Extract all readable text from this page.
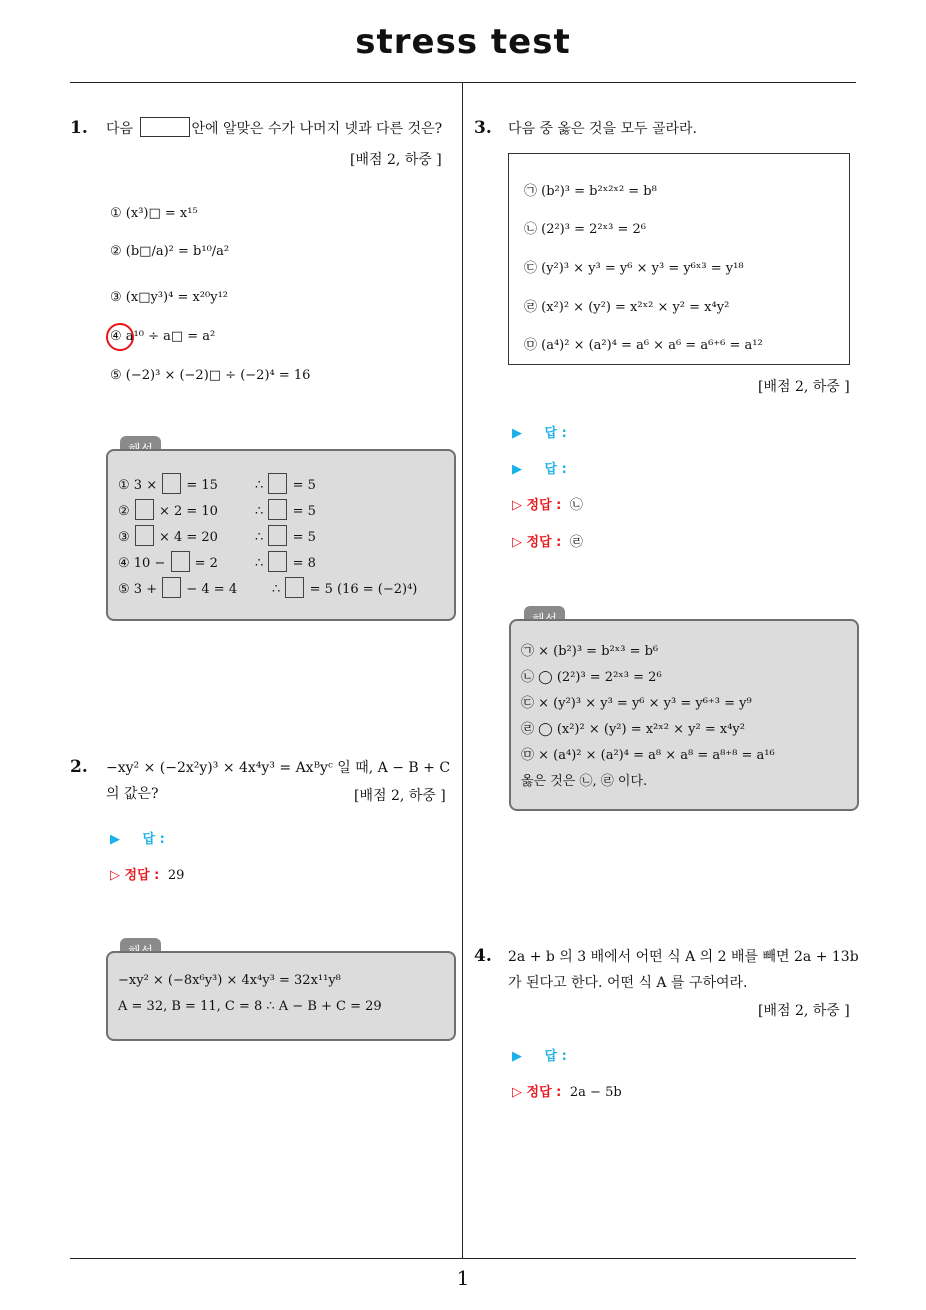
stress test
1
1. 다음	안에 알맞은 수가 나머지 넷과 다른 것은?
[배점 2, 하중 ]
① (x³)□ = x¹⁵
② (b□/a)² = b¹⁰/a²
③ (x□y³)⁴ = x²⁰y¹²
④ a¹⁰ ÷ a□ = a²
⑤ (−2)³ × (−2)□ ÷ (−2)⁴ = 16
① 3 × = 15	∴ = 5
② × 2 = 10	∴ = 5
③ × 4 = 20	∴ = 5
④ 10 − = 2	∴ = 8
⑤ 3 + − 4 = 4	∴ = 5 (16 = (−2)⁴)
2. −xy² × (−2x²y)³ × 4x⁴y³ = Axᴮyᶜ 일 때, A − B + C
의 값은?	[배점 2, 하중 ]
▶ 답 :
▷ 정답 : 29
−xy² × (−8x⁶y³) × 4x⁴y³ = 32x¹¹y⁸
A = 32, B = 11, C = 8 ∴ A − B + C = 29
3. 다음 중 옳은 것을 모두 골라라.
㉠ (b²)³ = b²ˣ²ˣ² = b⁸
㉡ (2²)³ = 2²ˣ³ = 2⁶
㉢ (y²)³ × y³ = y⁶ × y³ = y⁶ˣ³ = y¹⁸
㉣ (x²)² × (y²) = x²ˣ² × y² = x⁴y²
㉤ (a⁴)² × (a²)⁴ = a⁶ × a⁶ = a⁶⁺⁶ = a¹²
[배점 2, 하중 ]
▶ 답 :
▶ 답 :
▷ 정답 : ㉡
▷ 정답 : ㉣
㉠ × (b²)³ = b²ˣ³ = b⁶
㉡ ◯ (2²)³ = 2²ˣ³ = 2⁶
㉢ × (y²)³ × y³ = y⁶ × y³ = y⁶⁺³ = y⁹
㉣ ◯ (x²)² × (y²) = x²ˣ² × y² = x⁴y²
㉤ × (a⁴)² × (a²)⁴ = a⁸ × a⁸ = a⁸⁺⁸ = a¹⁶
옳은 것은 ㉡, ㉣ 이다.
4. 2a + b 의 3 배에서 어떤 식 A 의 2 배를 빼면 2a + 13b
가 된다고 한다. 어떤 식 A 를 구하여라.
[배점 2, 하중 ]
▶ 답 :
▷ 정답 : 2a − 5b
